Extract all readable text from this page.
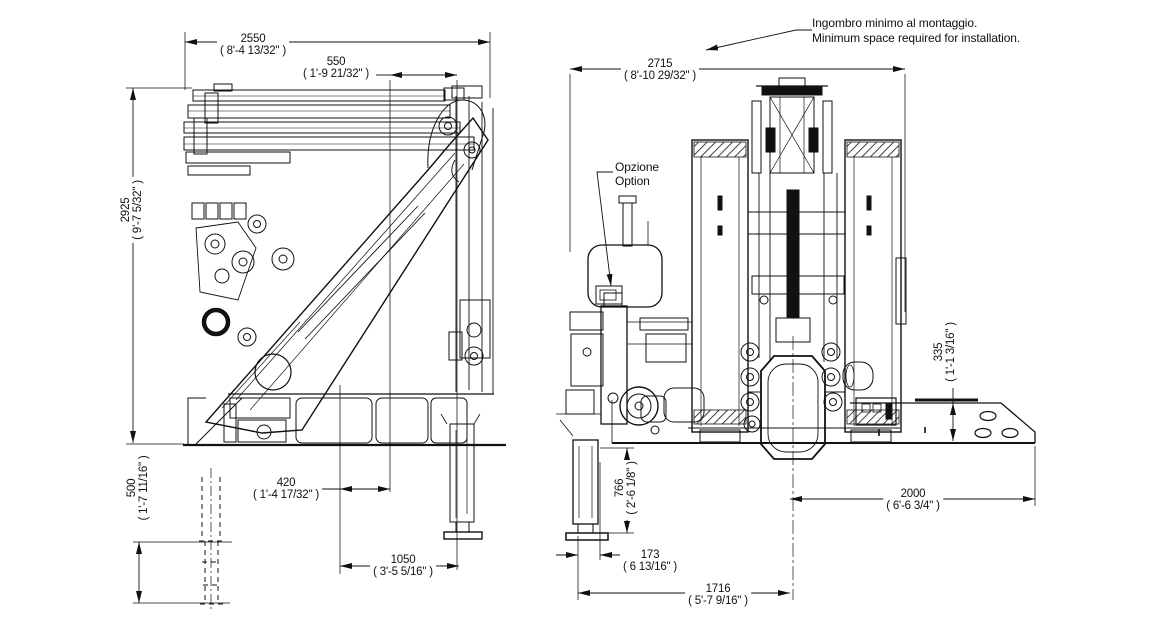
2550
( 8'-4 13/32" )
550
( 1'-9 21/32" )
2925 ( 9'-7 5/32" )
500 ( 1'-7 11/16" )	420
( 1'-4 17/32" )
1050
( 3'-5 5/16" )
2715
( 8'-10 29/32" )
335 ( 1'-1 3/16" )
766 ( 2'-6 1/8" )
173
( 6 13/16" )
1716
( 5'-7 9/16" )
2000
( 6'-6 3/4" )
Ingombro minimo al montaggio.
Minimum space required for installation.
Opzione
Option
